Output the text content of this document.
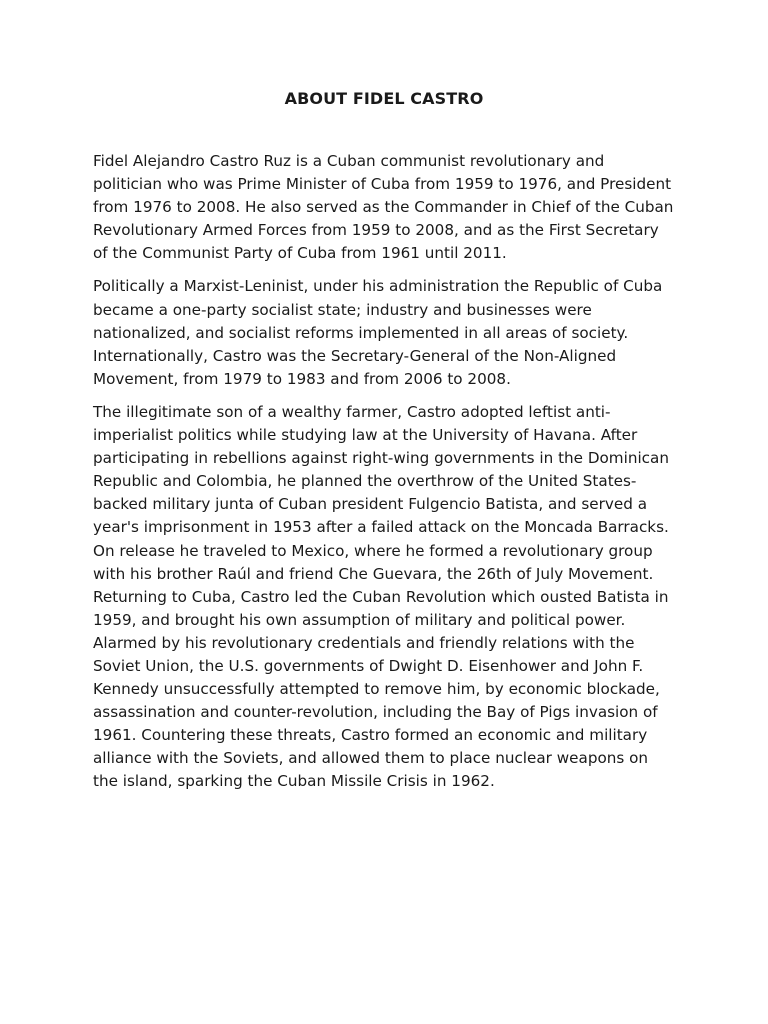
ABOUT FIDEL CASTRO

Fidel Alejandro Castro Ruz is a Cuban communist revolutionary and politician who was Prime Minister of Cuba from 1959 to 1976, and President from 1976 to 2008. He also served as the Commander in Chief of the Cuban Revolutionary Armed Forces from 1959 to 2008, and as the First Secretary of the Communist Party of Cuba from 1961 until 2011.

Politically a Marxist-Leninist, under his administration the Republic of Cuba became a one-party socialist state; industry and businesses were nationalized, and socialist reforms implemented in all areas of society. Internationally, Castro was the Secretary-General of the Non-Aligned Movement, from 1979 to 1983 and from 2006 to 2008.

The illegitimate son of a wealthy farmer, Castro adopted leftist anti-imperialist politics while studying law at the University of Havana. After participating in rebellions against right-wing governments in the Dominican Republic and Colombia, he planned the overthrow of the United States-backed military junta of Cuban president Fulgencio Batista, and served a year's imprisonment in 1953 after a failed attack on the Moncada Barracks. On release he traveled to Mexico, where he formed a revolutionary group with his brother Raúl and friend Che Guevara, the 26th of July Movement. Returning to Cuba, Castro led the Cuban Revolution which ousted Batista in 1959, and brought his own assumption of military and political power. Alarmed by his revolutionary credentials and friendly relations with the Soviet Union, the U.S. governments of Dwight D. Eisenhower and John F. Kennedy unsuccessfully attempted to remove him, by economic blockade, assassination and counter-revolution, including the Bay of Pigs invasion of 1961. Countering these threats, Castro formed an economic and military alliance with the Soviets, and allowed them to place nuclear weapons on the island, sparking the Cuban Missile Crisis in 1962.
